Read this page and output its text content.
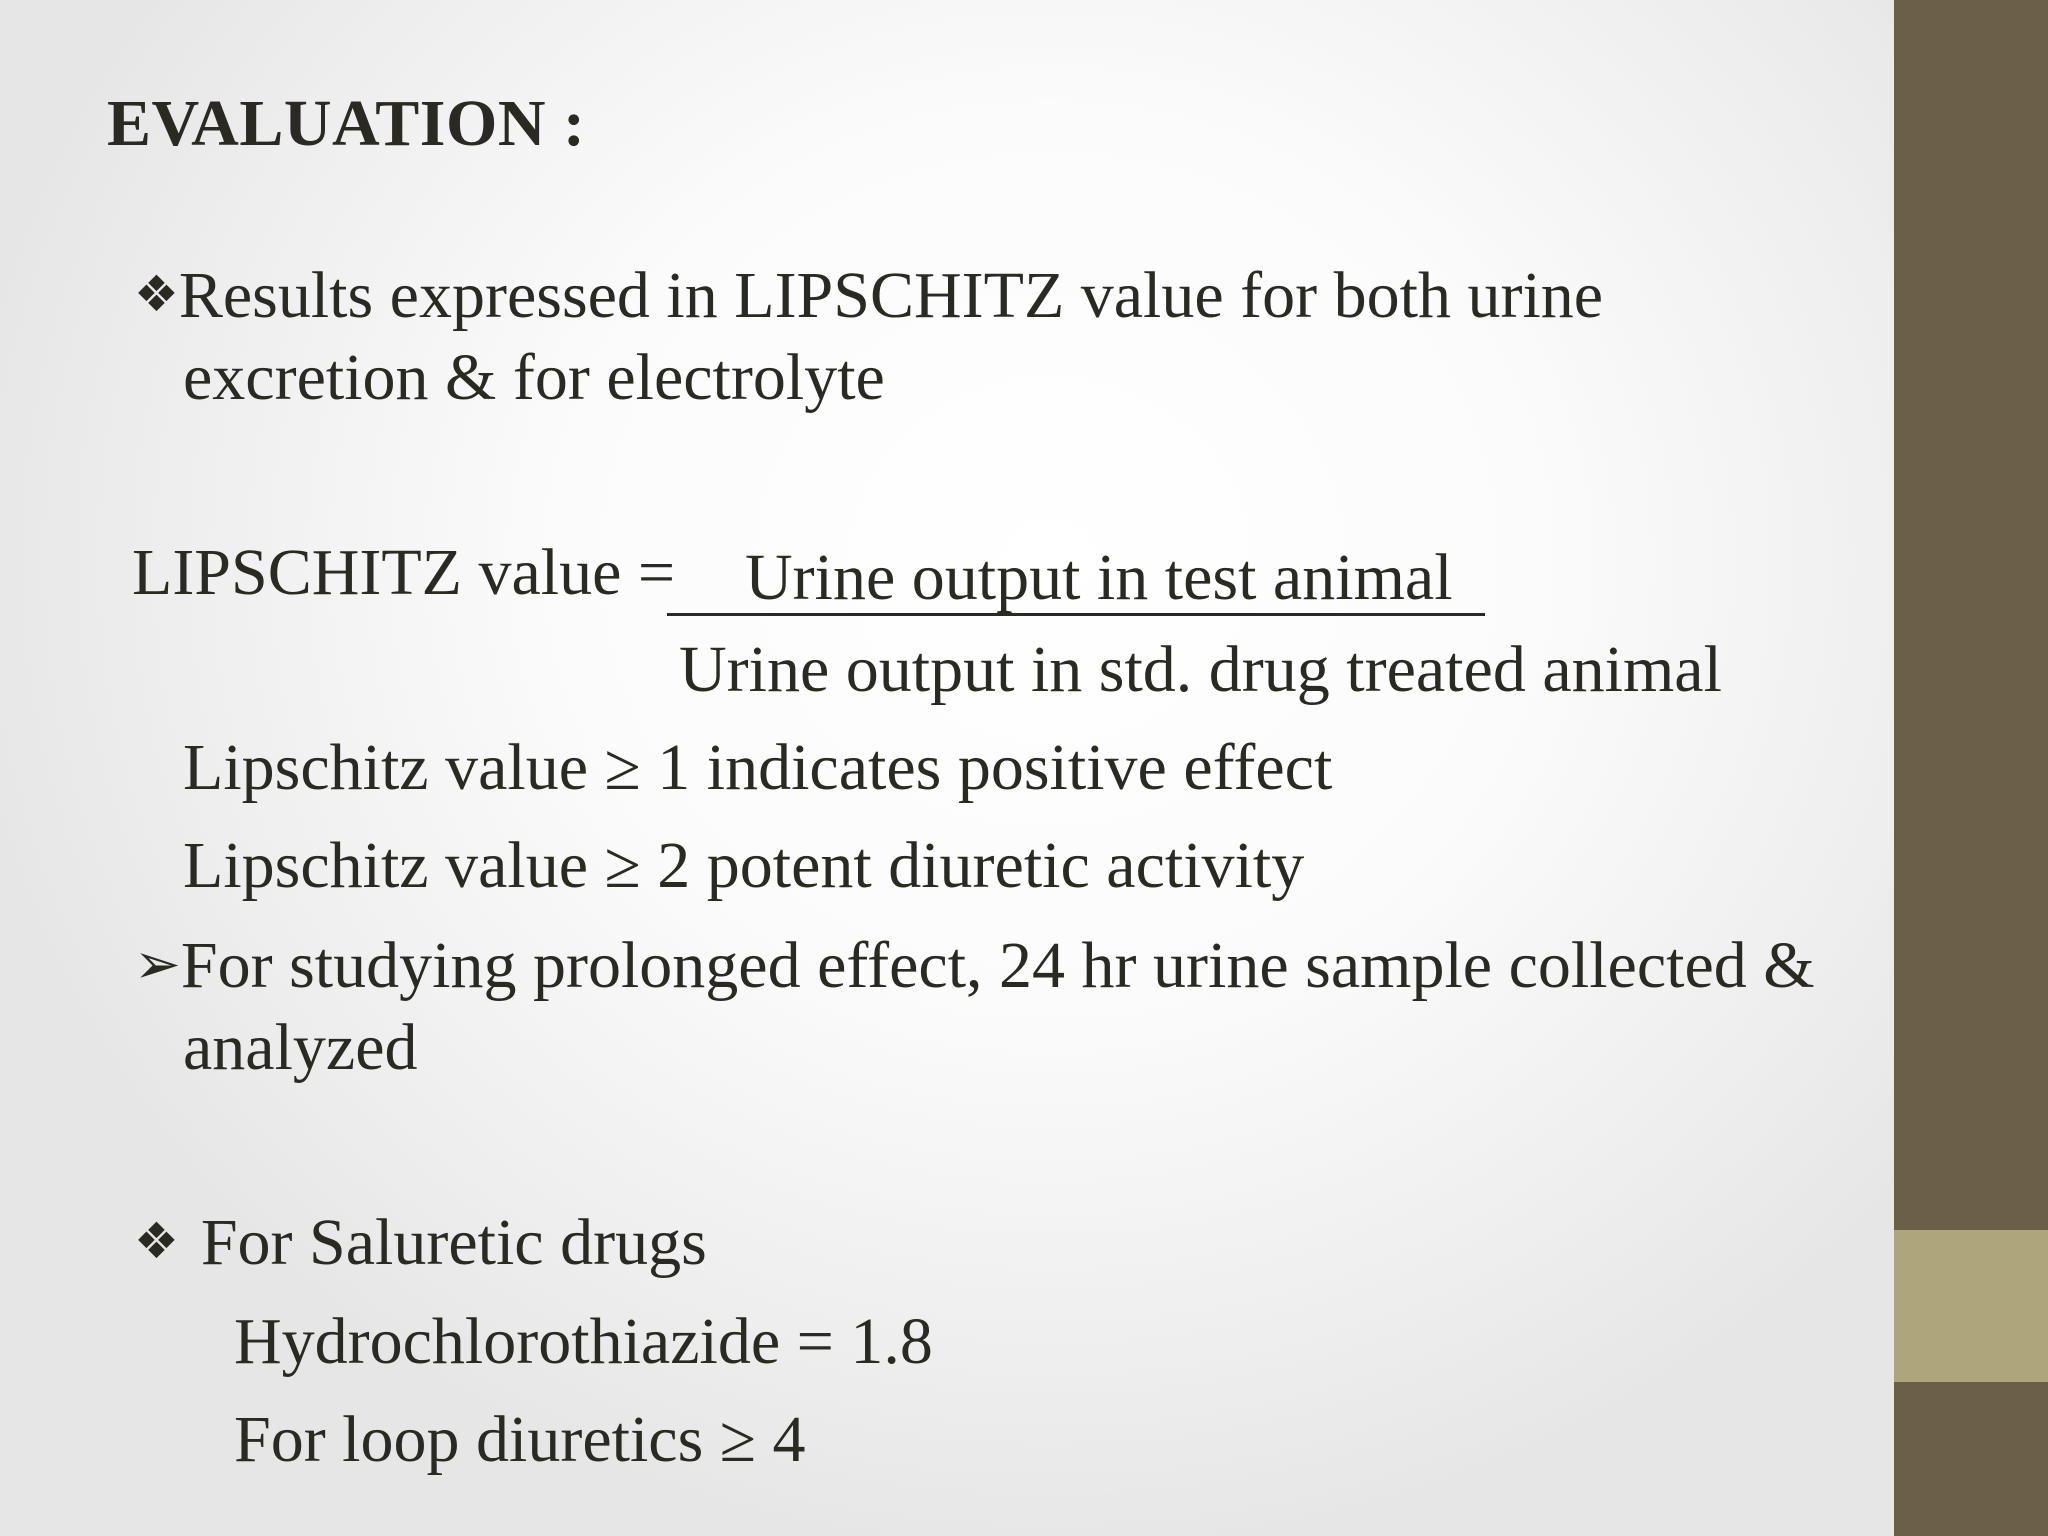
EVALUATION :
❖Results expressed in LIPSCHITZ value for both urine
excretion & for electrolyte
LIPSCHITZ value = Urine output in test animal
Urine output in std. drug treated animal
Lipschitz value ≥ 1 indicates positive effect
Lipschitz value ≥ 2 potent diuretic activity
➢For studying prolonged effect, 24 hr urine sample collected &
analyzed
❖ For Saluretic drugs
Hydrochlorothiazide = 1.8
For loop diuretics ≥ 4
